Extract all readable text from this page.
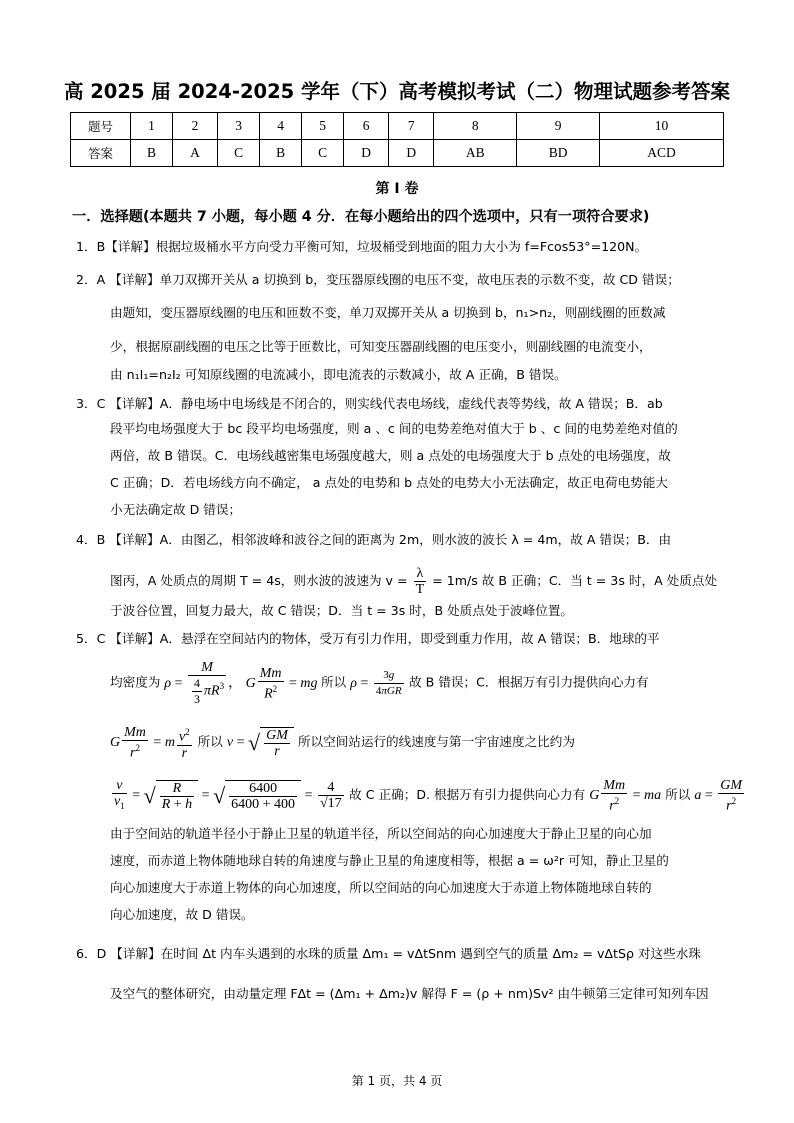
高 2025 届 2024-2025 学年（下）高考模拟考试（二）物理试题参考答案
题号	1	2	3	4	5	6	7	8	9	10
答案	B	A	C	B	C	D	D	AB	BD	ACD
第 I 卷
一．选择题(本题共 7 小题，每小题 4 分．在每小题给出的四个选项中，只有一项符合要求)
1．B【详解】根据垃圾桶水平方向受力平衡可知，垃圾桶受到地面的阻力大小为 f=Fcos53°=120N。
2．A 【详解】单刀双掷开关从 a 切换到 b，变压器原线圈的电压不变，故电压表的示数不变，故 CD 错误；
由题知，变压器原线圈的电压和匝数不变，单刀双掷开关从 a 切换到 b，n₁>n₂，则副线圈的匝数减
少，根据原副线圈的电压之比等于匝数比，可知变压器副线圈的电压变小，则副线圈的电流变小，
由 n₁I₁=n₂I₂ 可知原线圈的电流减小，即电流表的示数减小，故 A 正确，B 错误。
3．C 【详解】A．静电场中电场线是不闭合的，则实线代表电场线，虚线代表等势线，故 A 错误；B．ab
段平均电场强度大于 bc 段平均电场强度，则 a 、c 间的电势差绝对值大于 b 、c 间的电势差绝对值的
两倍，故 B 错误。C．电场线越密集电场强度越大，则 a 点处的电场强度大于 b 点处的电场强度，故
C 正确；D．若电场线方向不确定， a 点处的电势和 b 点处的电势大小无法确定，故正电荷电势能大
小无法确定故 D 错误；
4．B 【详解】A．由图乙，相邻波峰和波谷之间的距离为 2m，则水波的波长 λ = 4m，故 A 错误；B．由
图丙，A 处质点的周期 T = 4s，则水波的波速为 $v = \frac{\lambda}{T} = 1m/s$ 故 B 正确；C．当 t = 3s 时，A 处质点处
于波谷位置，回复力最大，故 C 错误；D．当 t = 3s 时，B 处质点处于波峰位置。
5．C 【详解】A．悬浮在空间站内的物体，受万有引力作用，即受到重力作用，故 A 错误；B．地球的平
均密度为 $\rho = \frac{M}{\frac{4}{3} \pi R^3}$ ， G $\frac{Mm}{R^2}$ = mg 所以 $\rho = \frac{3g}{\text{4πGR}}$ 故 B 错误；C．根据万有引力提供向心力有
G $\frac{Mm}{r^2} = m \frac{v^2}{r}$ 所以 v = √ $\frac{GM}{r}$ 所以空间站运行的线速度与第一宇宙速度之比约为
$\frac{v}{v_1}$ = √ $\frac{R}{R + h}$ = √ $\frac{6400}{6400 + 400} = \frac{4}{√17}$ 故 C 正确；D. 根据万有引力提供向心力有 G $\frac{Mm}{r^2}$ = ma 所以 $a = \frac{GM}{r^2}$
由于空间站的轨道半径小于静止卫星的轨道半径，所以空间站的向心加速度大于静止卫星的向心加
速度，而赤道上物体随地球自转的角速度与静止卫星的角速度相等，根据 a = ω²r 可知，静止卫星的
向心加速度大于赤道上物体的向心加速度，所以空间站的向心加速度大于赤道上物体随地球自转的
向心加速度，故 D 错误。
6．D 【详解】在时间 Δt 内车头遇到的水珠的质量 Δm₁ = vΔtSnm 遇到空气的质量 Δm₂ = vΔtSρ 对这些水珠
及空气的整体研究，由动量定理 FΔt = (Δm₁ + Δm₂)v 解得 F = (ρ + nm)Sv² 由牛顿第三定律可知列车因
第 1 页，共 4 页
